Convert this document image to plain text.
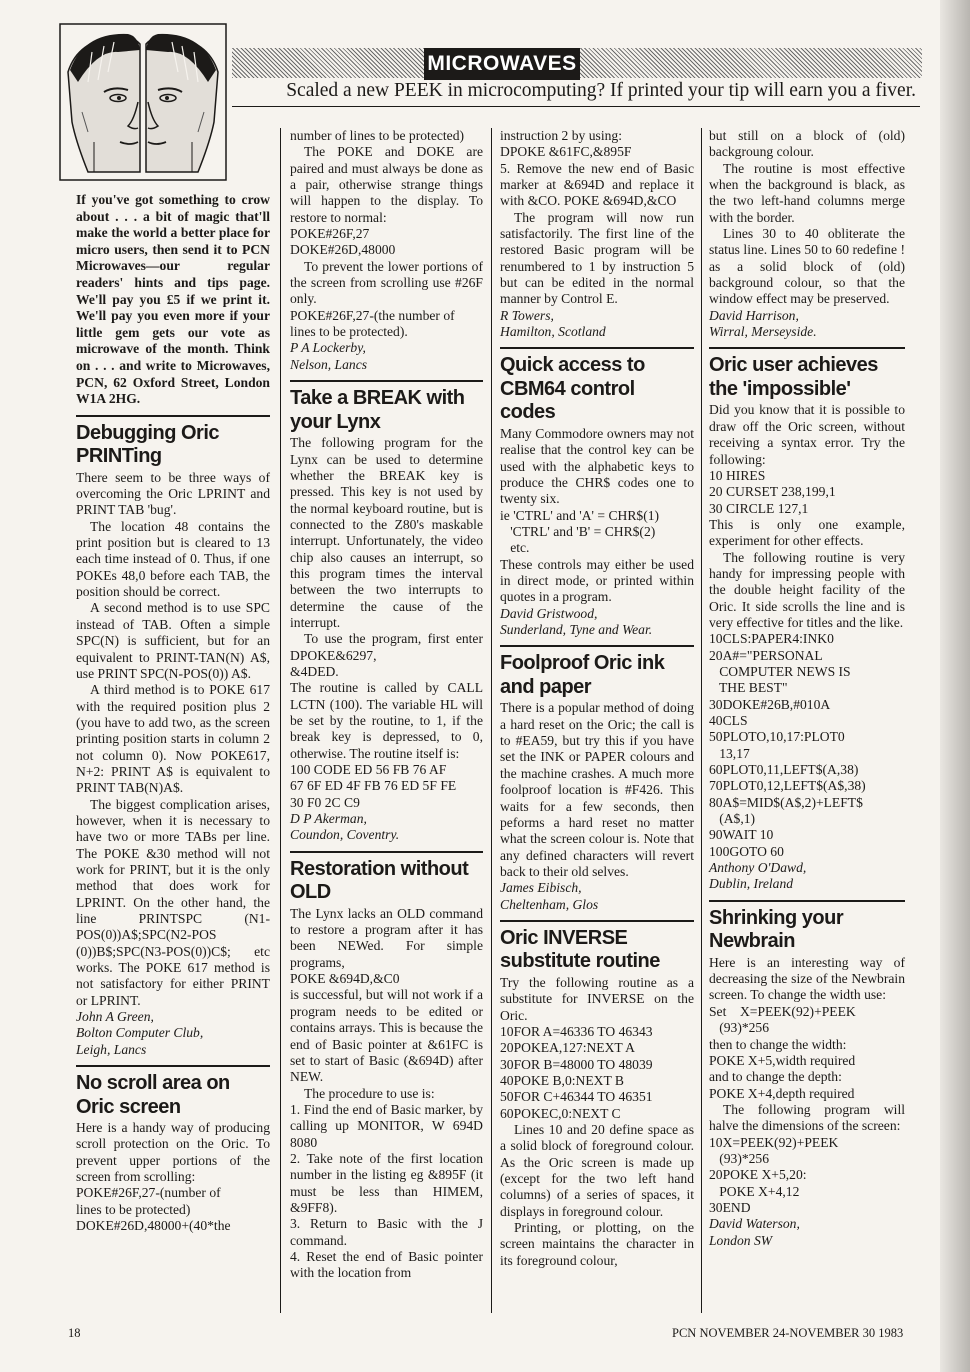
MICROWAVES
Scaled a new PEEK in microcomputing? If printed your tip will earn you a fiver.

If you've got something to crow about . . . a bit of magic that'll make the world a better place for micro users, then send it to PCN Microwaves—our regular readers' hints and tips page. We'll pay you £5 if we print it. We'll pay you even more if your little gem gets our vote as microwave of the month. Think on . . . and write to Microwaves, PCN, 62 Oxford Street, London W1A 2HG.

Debugging Oric PRINTing

There seem to be three ways of overcoming the Oric LPRINT and PRINT TAB 'bug'.

The location 48 contains the print position but is cleared to 13 each time instead of 0. Thus, if one POKEs 48,0 before each TAB, the position should be correct.

A second method is to use SPC instead of TAB. Often a simple SPC(N) is sufficient, but for an equivalent to PRINT-TAN(N) A$, use PRINT SPC(N-POS(0)) A$.

A third method is to POKE 617 with the required position plus 2 (you have to add two, as the screen printing position starts in column 2 not column 0). Now POKE617, N+2: PRINT A$ is equivalent to PRINT TAB(N)A$.

The biggest complication arises, however, when it is necessary to have two or more TABs per line. The POKE &30 method will not work for PRINT, but it is the only method that does work for LPRINT. On the other hand, the line PRINTSPC (N1-POS(0))A$;SPC(N2-POS (0))B$;SPC(N3-POS(0))C$; etc works. The POKE 617 method is not satisfactory for either PRINT or LPRINT.

John A Green,
Bolton Computer Club,
Leigh, Lancs

No scroll area on Oric screen

Here is a handy way of producing scroll protection on the Oric. To prevent upper portions of the screen from scrolling:

POKE#26F,27-(number of
lines to be protected)
DOKE#26D,48000+(40*the

number of lines to be protected)

The POKE and DOKE are paired and must always be done as a pair, otherwise strange things will happen to the display. To restore to normal:

POKE#26F,27
DOKE#26D,48000

To prevent the lower portions of the screen from scrolling use #26F only.

POKE#26F,27-(the number of
lines to be protected).

P A Lockerby,
Nelson, Lancs

Take a BREAK with your Lynx

The following program for the Lynx can be used to determine whether the BREAK key is pressed. This key is not used by the normal keyboard routine, but is connected to the Z80's maskable interrupt. Unfortunately, the video chip also causes an interrupt, so this program times the interval between the two interrupts to determine the cause of the interrupt.

To use the program, first enter DPOKE&6297,

&4DED.

The routine is called by CALL LCTN (100). The variable HL will be set by the routine, to 1, if the break key is depressed, to 0, otherwise. The routine itself is:

100 CODE ED 56 FB 76 AF
67 6F ED 4F FB 76 ED 5F FE
30 F0 2C C9

D P Akerman,
Coundon, Coventry.

Restoration without OLD

The Lynx lacks an OLD command to restore a program after it has been NEWed. For simple programs,

POKE &694D,&C0

is successful, but will not work if a program needs to be edited or contains arrays. This is because the end of Basic pointer at &61FC is set to start of Basic (&694D) after NEW.

The procedure to use is:

1. Find the end of Basic marker, by calling up MONITOR, W 694D 8080

2. Take note of the first location number in the listing eg &895F (it must be less than HIMEM, &9FF8).

3. Return to Basic with the J command.

4. Reset the end of Basic pointer with the location from

instruction 2 by using:

DPOKE &61FC,&895F

5. Remove the new end of Basic marker at &694D and replace it with &CO. POKE &694D,&CO

The program will now run satisfactorily. The first line of the restored Basic program will be renumbered to 1 by instruction 5 but can be edited in the normal manner by Control E.

R Towers,
Hamilton, Scotland

Quick access to CBM64 control codes

Many Commodore owners may not realise that the control key can be used with the alphabetic keys to produce the CHR$ codes one to twenty six.

ie 'CTRL' and 'A' = CHR$(1)
'CTRL' and 'B' = CHR$(2)
etc.

These controls may either be used in direct mode, or printed within quotes in a program.

David Gristwood,
Sunderland, Tyne and Wear.

Foolproof Oric ink and paper

There is a popular method of doing a hard reset on the Oric; the call is to #EA59, but try this if you have set the INK or PAPER colours and the machine crashes. A much more foolproof location is #F426. This waits for a few seconds, then peforms a hard reset no matter what the screen colour is. Note that any defined characters will revert back to their old selves.

James Eibisch,
Cheltenham, Glos

Oric INVERSE substitute routine

Try the following routine as a substitute for INVERSE on the Oric.

10FOR A=46336 TO 46343
20POKEA,127:NEXT A
30FOR B=48000 TO 48039
40POKE B,0:NEXT B
50FOR C+46344 TO 46351
60POKEC,0:NEXT C

Lines 10 and 20 define space as a solid block of foreground colour. As the Oric screen is made up (except for the two left hand columns) of a series of spaces, it displays in foreground colour.

Printing, or plotting, on the screen maintains the character in its foreground colour,

but still on a block of (old) backgroung colour.

The routine is most effective when the background is black, as the two left-hand columns merge with the border.

Lines 30 to 40 obliterate the status line. Lines 50 to 60 redefine ! as a solid block of (old) background colour, so that the window effect may be preserved.

David Harrison,
Wirral, Merseyside.

Oric user achieves the 'impossible'

Did you know that it is possible to draw off the Oric screen, without receiving a syntax error. Try the following:

10 HIRES
20 CURSET 238,199,1
30 CIRCLE 127,1

This is only one example, experiment for other effects.

The following routine is very handy for impressing people with the double height facility of the Oric. It side scrolls the line and is very effective for titles and the like.

10CLS:PAPER4:INK0
20A#="PERSONAL
COMPUTER NEWS IS
THE BEST"
30DOKE#26B,#010A
40CLS
50PLOTO,10,17:PLOT0
13,17
60PLOT0,11,LEFT$(A,38)
70PLOT0,12,LEFT$(A$,38)
80A$=MID$(A$,2)+LEFT$
(A$,1)
90WAIT 10
100GOTO 60

Anthony O'Dawd,
Dublin, Ireland

Shrinking your Newbrain

Here is an interesting way of decreasing the size of the Newbrain screen. To change the width use:

Set    X=PEEK(92)+PEEK
(93)*256

then to change the width:

POKE X+5,width required

and to change the depth:

POKE X+4,depth required

The following program will halve the dimensions of the screen:

10X=PEEK(92)+PEEK
(93)*256
20POKE X+5,20:
POKE X+4,12
30END

David Waterson,
London SW

18	PCN NOVEMBER 24-NOVEMBER 30 1983
